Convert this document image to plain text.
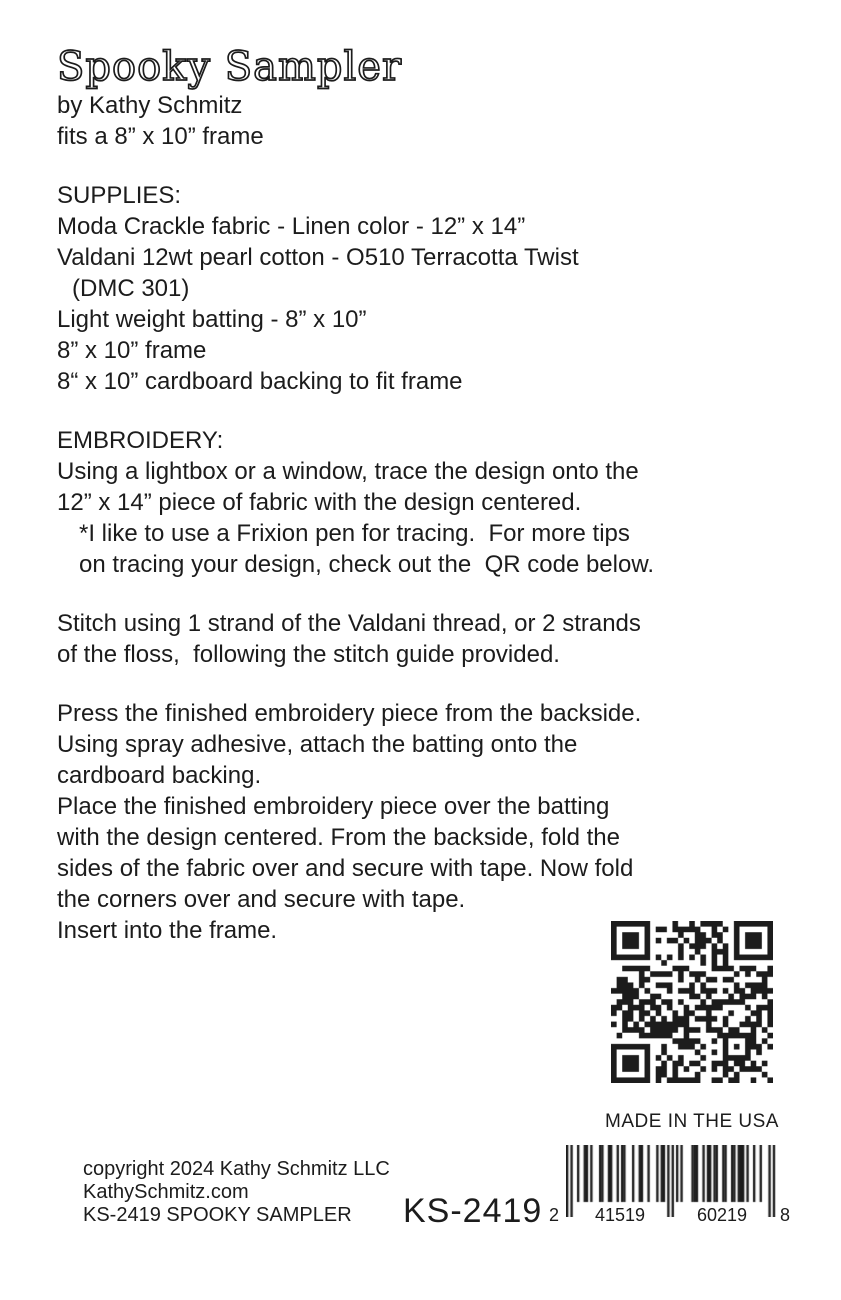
Spooky Sampler
by Kathy Schmitz
fits a 8” x 10” frame
SUPPLIES:
Moda Crackle fabric - Linen color - 12” x 14”
Valdani 12wt pearl cotton - O510 Terracotta Twist
(DMC 301)
Light weight batting - 8” x 10”
8” x 10” frame
8“ x 10” cardboard backing to fit frame
EMBROIDERY:
Using a lightbox or a window, trace the design onto the
12” x 14” piece of fabric with the design centered.
*I like to use a Frixion pen for tracing.  For more tips
on tracing your design, check out the  QR code below.
Stitch using 1 strand of the Valdani thread, or 2 strands
of the floss,  following the stitch guide provided.
Press the finished embroidery piece from the backside.
Using spray adhesive, attach the batting onto the
cardboard backing.
Place the finished embroidery piece over the batting
with the design centered. From the backside, fold the
sides of the fabric over and secure with tape. Now fold
the corners over and secure with tape.
Insert into the frame.
MADE IN THE USA
copyright 2024 Kathy Schmitz LLC
KathySchmitz.com
KS-2419 SPOOKY SAMPLER	KS-2419 2	41519	60219	8
